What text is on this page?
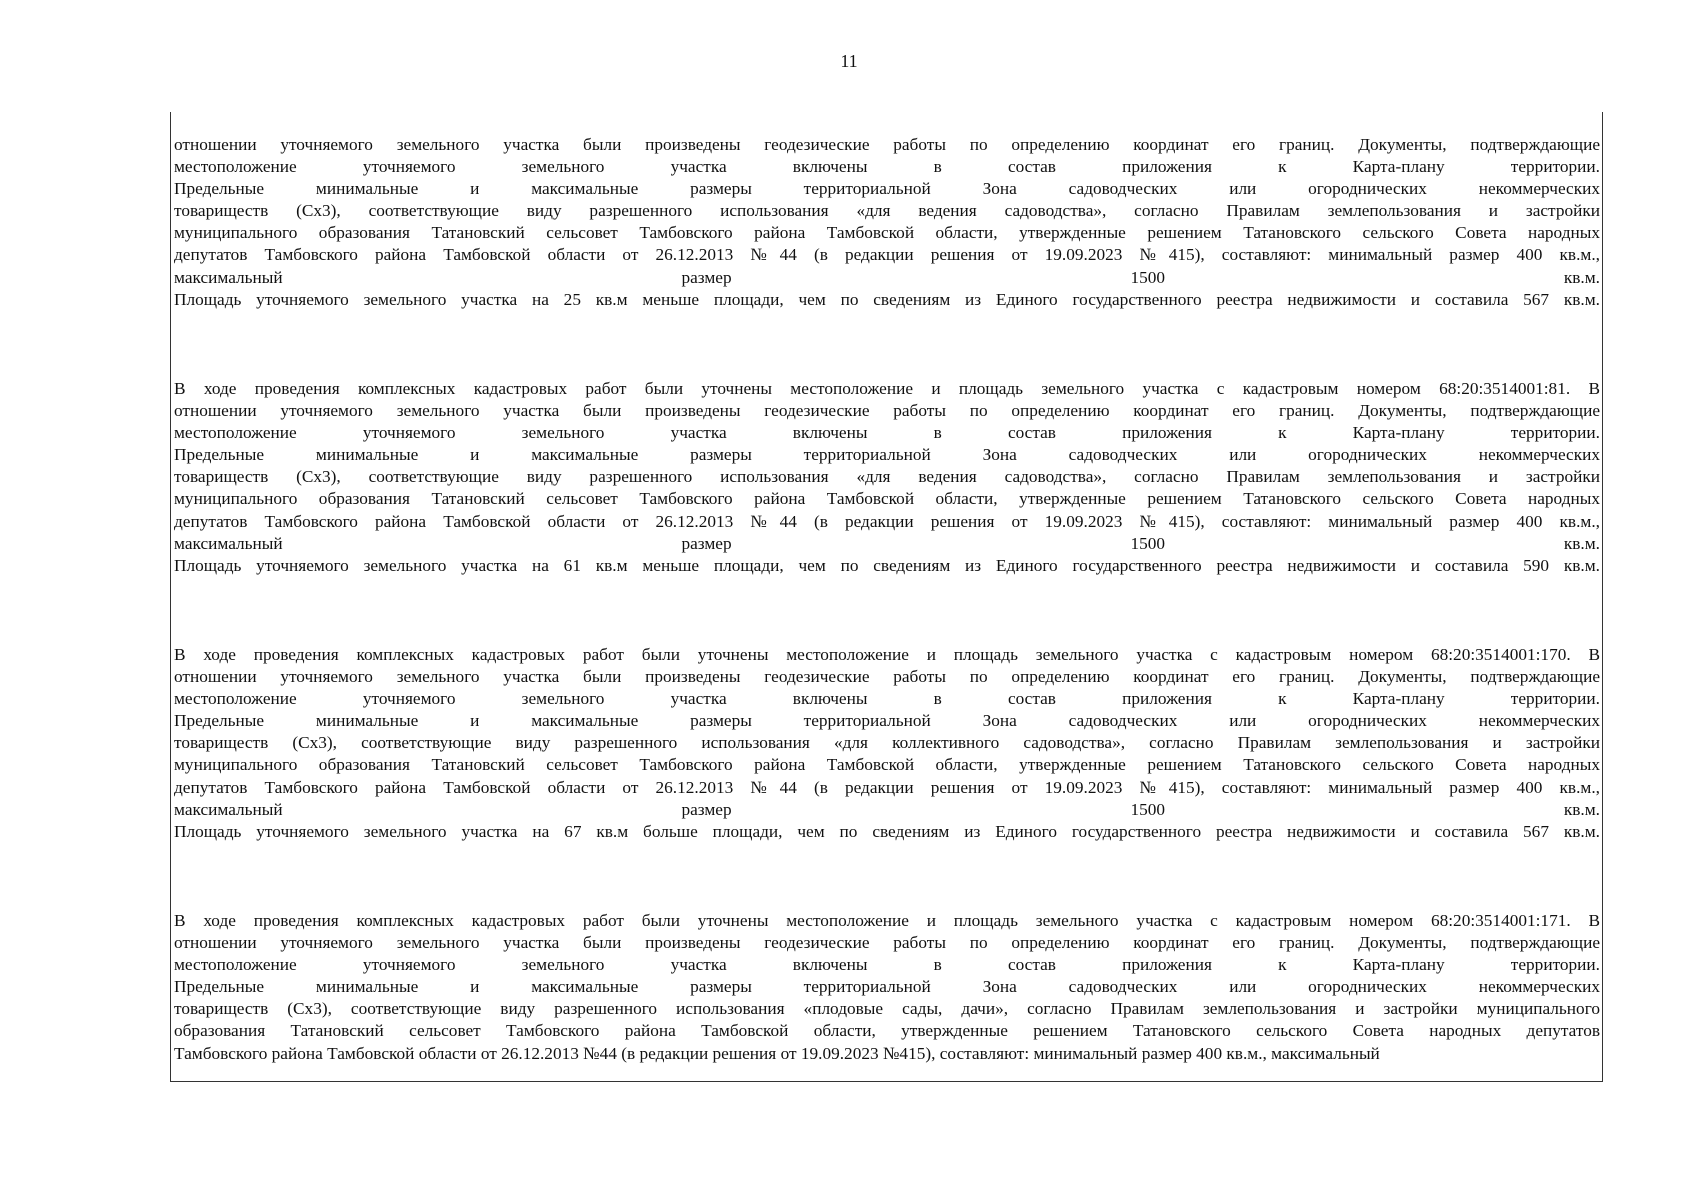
11
отношении уточняемого земельного участка были произведены геодезические работы по определению координат его границ. Документы, подтверждающие
местоположение уточняемого земельного участка включены в состав приложения к Карта-плану территории.
Предельные минимальные и максимальные размеры территориальной Зона садоводческих или огороднических некоммерческих
товариществ (Сх3), соответствующие виду разрешенного использования «для ведения садоводства», согласно Правилам землепользования и застройки
муниципального образования Татановский сельсовет Тамбовского района Тамбовской области, утвержденные решением Татановского сельского Совета народных
депутатов Тамбовского района Тамбовской области от 26.12.2013 №44 (в редакции решения от 19.09.2023 №415), составляют: минимальный размер 400 кв.м.,
максимальный размер 1500 кв.м.
Площадь уточняемого земельного участка на 25 кв.м меньше площади, чем по сведениям из Единого государственного реестра недвижимости и составила 567 кв.м.
В ходе проведения комплексных кадастровых работ были уточнены местоположение и площадь земельного участка с кадастровым номером 68:20:3514001:81. В
отношении уточняемого земельного участка были произведены геодезические работы по определению координат его границ. Документы, подтверждающие
местоположение уточняемого земельного участка включены в состав приложения к Карта-плану территории.
Предельные минимальные и максимальные размеры территориальной Зона садоводческих или огороднических некоммерческих
товариществ (Сх3), соответствующие виду разрешенного использования «для ведения садоводства», согласно Правилам землепользования и застройки
муниципального образования Татановский сельсовет Тамбовского района Тамбовской области, утвержденные решением Татановского сельского Совета народных
депутатов Тамбовского района Тамбовской области от 26.12.2013 №44 (в редакции решения от 19.09.2023 №415), составляют: минимальный размер 400 кв.м.,
максимальный размер 1500 кв.м.
Площадь уточняемого земельного участка на 61 кв.м меньше площади, чем по сведениям из Единого государственного реестра недвижимости и составила 590 кв.м.
В ходе проведения комплексных кадастровых работ были уточнены местоположение и площадь земельного участка с кадастровым номером 68:20:3514001:170. В
отношении уточняемого земельного участка были произведены геодезические работы по определению координат его границ. Документы, подтверждающие
местоположение уточняемого земельного участка включены в состав приложения к Карта-плану территории.
Предельные минимальные и максимальные размеры территориальной Зона садоводческих или огороднических некоммерческих
товариществ (Сх3), соответствующие виду разрешенного использования «для коллективного садоводства», согласно Правилам землепользования и застройки
муниципального образования Татановский сельсовет Тамбовского района Тамбовской области, утвержденные решением Татановского сельского Совета народных
депутатов Тамбовского района Тамбовской области от 26.12.2013 №44 (в редакции решения от 19.09.2023 №415), составляют: минимальный размер 400 кв.м.,
максимальный размер 1500 кв.м.
Площадь уточняемого земельного участка на 67 кв.м больше площади, чем по сведениям из Единого государственного реестра недвижимости и составила 567 кв.м.
В ходе проведения комплексных кадастровых работ были уточнены местоположение и площадь земельного участка с кадастровым номером 68:20:3514001:171. В
отношении уточняемого земельного участка были произведены геодезические работы по определению координат его границ. Документы, подтверждающие
местоположение уточняемого земельного участка включены в состав приложения к Карта-плану территории.
Предельные минимальные и максимальные размеры территориальной Зона садоводческих или огороднических некоммерческих
товариществ (Сх3), соответствующие виду разрешенного использования «плодовые сады, дачи», согласно Правилам землепользования и застройки муниципального
образования Татановский сельсовет Тамбовского района Тамбовской области, утвержденные решением Татановского сельского Совета народных депутатов
Тамбовского района Тамбовской области от 26.12.2013 №44 (в редакции решения от 19.09.2023 №415), составляют: минимальный размер 400 кв.м., максимальный
